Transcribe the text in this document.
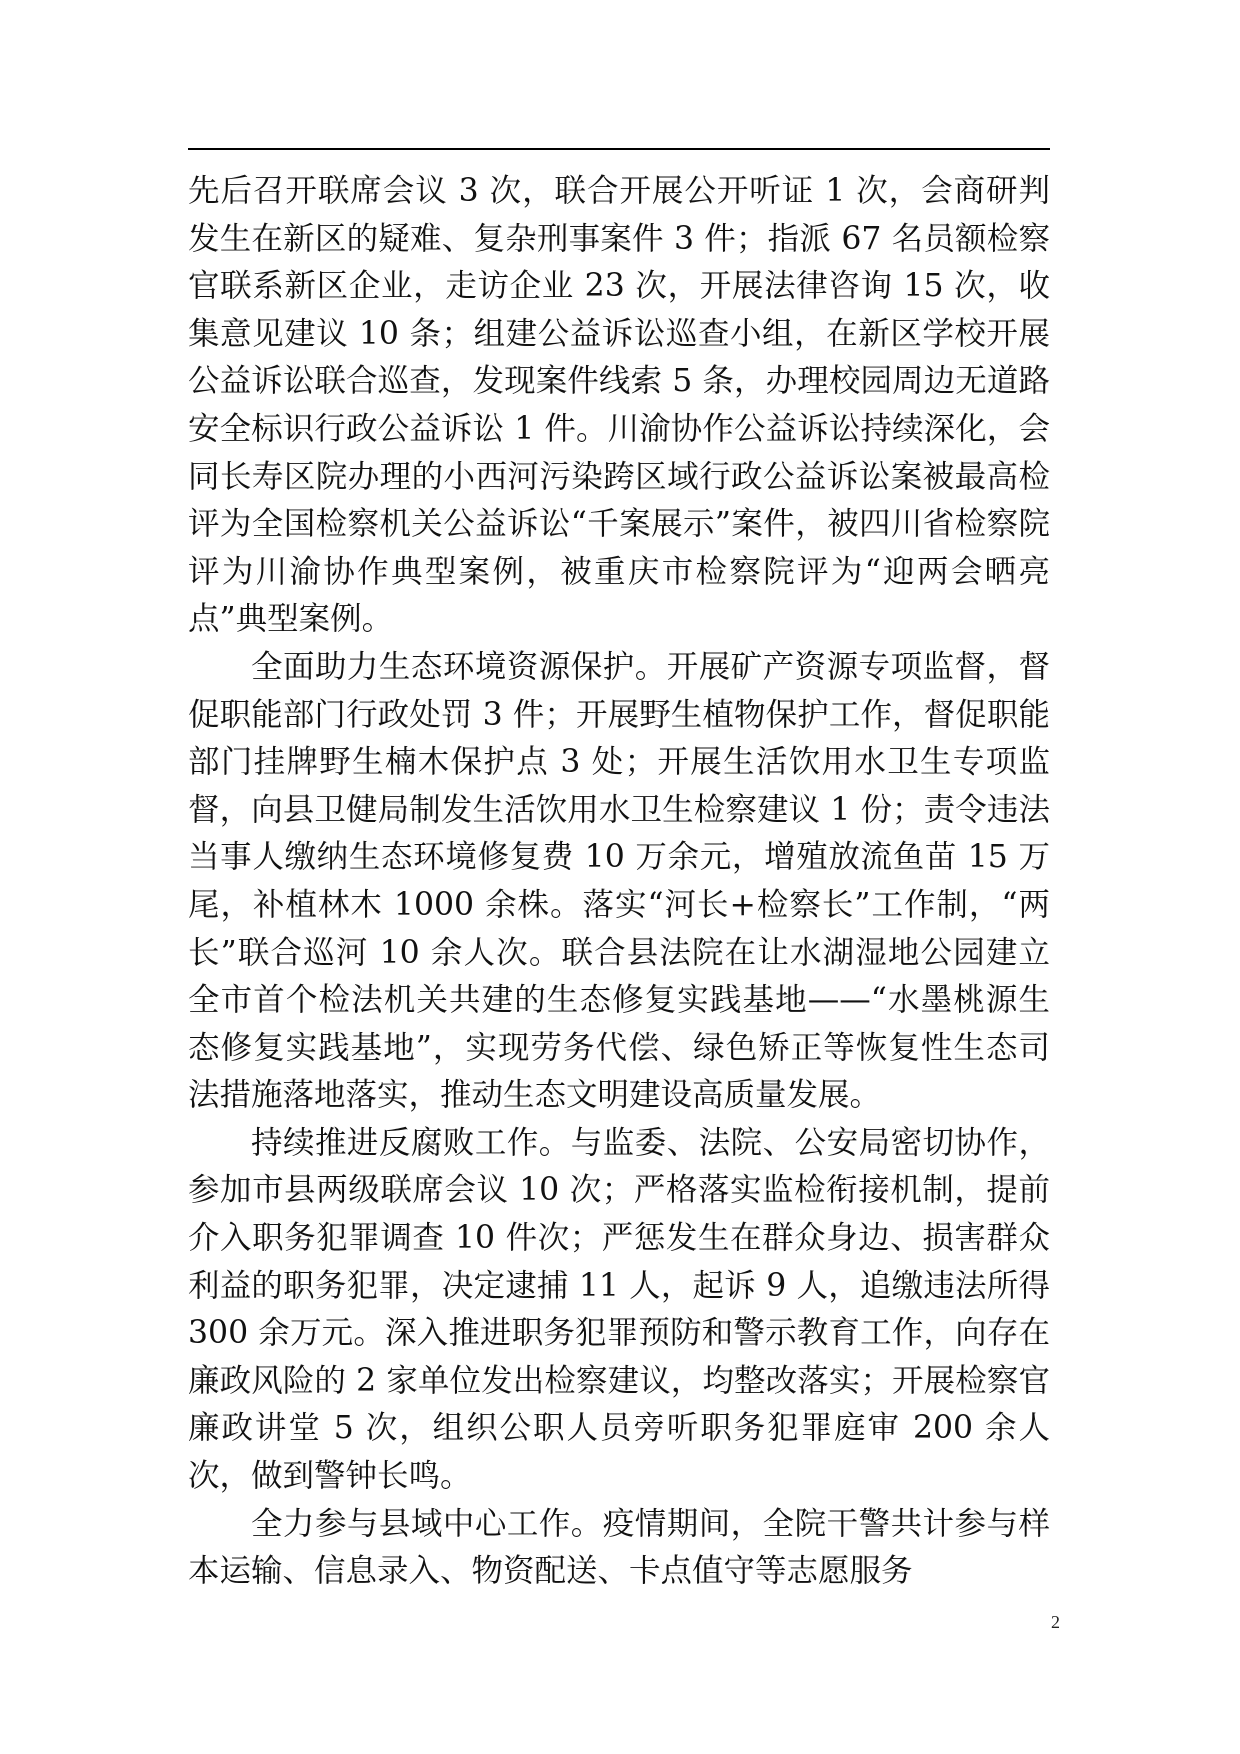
先后召开联席会议 3 次，联合开展公开听证 1 次，会商研判发生在新区的疑难、复杂刑事案件 3 件；指派 67 名员额检察官联系新区企业，走访企业 23 次，开展法律咨询 15 次，收集意见建议 10 条；组建公益诉讼巡查小组，在新区学校开展公益诉讼联合巡查，发现案件线索 5 条，办理校园周边无道路安全标识行政公益诉讼 1 件。川渝协作公益诉讼持续深化，会同长寿区院办理的小西河污染跨区域行政公益诉讼案被最高检评为全国检察机关公益诉讼“千案展示”案件，被四川省检察院评为川渝协作典型案例，被重庆市检察院评为“迎两会晒亮点”典型案例。

全面助力生态环境资源保护。开展矿产资源专项监督，督促职能部门行政处罚 3 件；开展野生植物保护工作，督促职能部门挂牌野生楠木保护点 3 处；开展生活饮用水卫生专项监督，向县卫健局制发生活饮用水卫生检察建议 1 份；责令违法当事人缴纳生态环境修复费 10 万余元，增殖放流鱼苗 15 万尾，补植林木 1000 余株。落实“河长+检察长”工作制，“两长”联合巡河 10 余人次。联合县法院在让水湖湿地公园建立全市首个检法机关共建的生态修复实践基地——“水墨桃源生态修复实践基地”，实现劳务代偿、绿色矫正等恢复性生态司法措施落地落实，推动生态文明建设高质量发展。

持续推进反腐败工作。与监委、法院、公安局密切协作，参加市县两级联席会议 10 次；严格落实监检衔接机制，提前介入职务犯罪调查 10 件次；严惩发生在群众身边、损害群众利益的职务犯罪，决定逮捕 11 人，起诉 9 人，追缴违法所得 300 余万元。深入推进职务犯罪预防和警示教育工作，向存在廉政风险的 2 家单位发出检察建议，均整改落实；开展检察官廉政讲堂 5 次，组织公职人员旁听职务犯罪庭审 200 余人次，做到警钟长鸣。

全力参与县域中心工作。疫情期间，全院干警共计参与样本运输、信息录入、物资配送、卡点值守等志愿服务

2
